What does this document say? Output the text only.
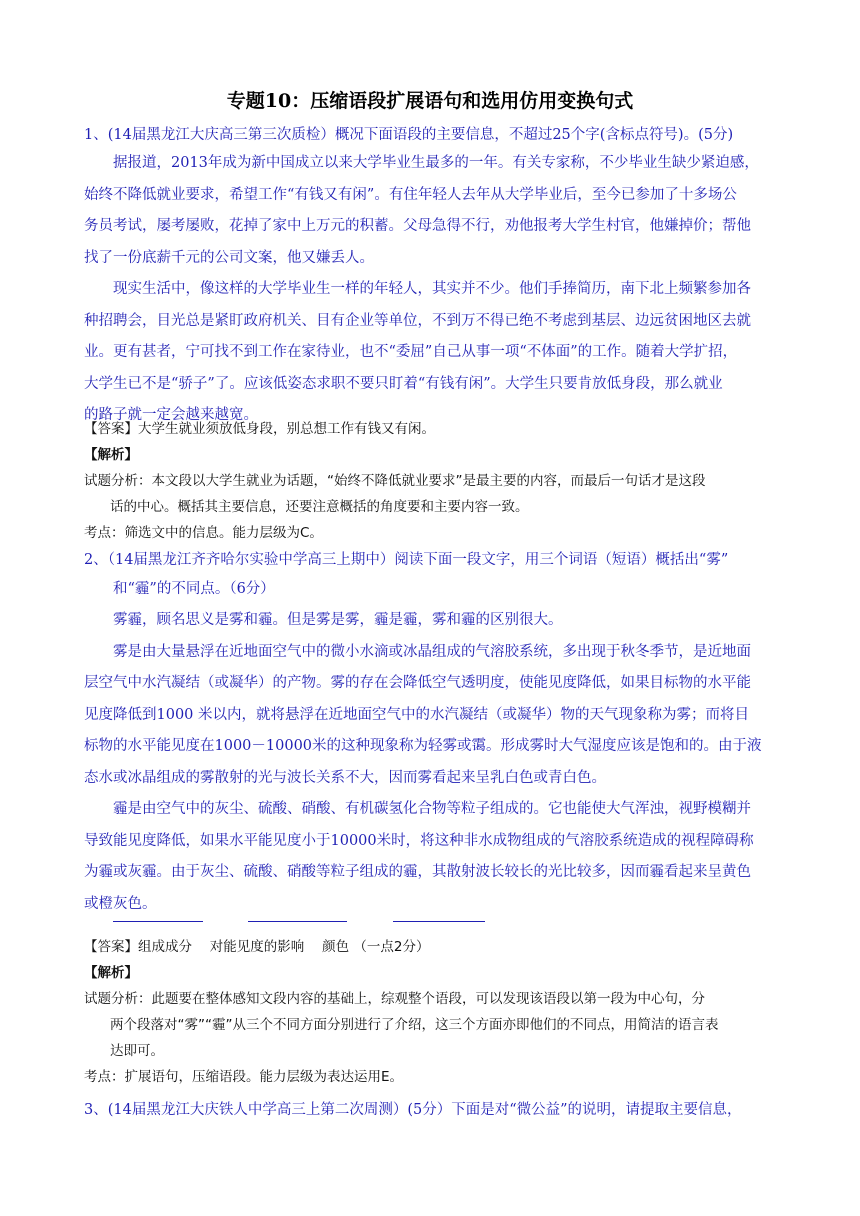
专题10：压缩语段扩展语句和选用仿用变换句式
1、(14届黑龙江大庆高三第三次质检）概况下面语段的主要信息，不超过25个字(含标点符号)。(5分)
据报道，2013年成为新中国成立以来大学毕业生最多的一年。有关专家称，不少毕业生缺少紧迫感，
始终不降低就业要求，希望工作“有钱又有闲”。有住年轻人去年从大学毕业后，至今已参加了十多场公
务员考试，屡考屡败，花掉了家中上万元的积蓄。父母急得不行，劝他报考大学生村官，他嫌掉价；帮他
找了一份底薪千元的公司文案，他又嫌丢人。
现实生活中，像这样的大学毕业生一样的年轻人，其实并不少。他们手捧简历，南下北上频繁参加各
种招聘会，目光总是紧盯政府机关、目有企业等单位，不到万不得已绝不考虑到基层、边远贫困地区去就
业。更有甚者，宁可找不到工作在家待业，也不“委屈”自己从事一项“不体面”的工作。随着大学扩招，
大学生已不是“骄子”了。应该低姿态求职不要只盯着“有钱有闲”。大学生只要肯放低身段，那么就业
的路子就一定会越来越宽。
【答案】大学生就业须放低身段，别总想工作有钱又有闲。
【解析】
试题分析：本文段以大学生就业为话题，“始终不降低就业要求”是最主要的内容，而最后一句话才是这段
话的中心。概括其主要信息，还要注意概括的角度要和主要内容一致。
考点：筛选文中的信息。能力层级为C。
2、（14届黑龙江齐齐哈尔实验中学高三上期中）阅读下面一段文字，用三个词语（短语）概括出“雾”
和“霾”的不同点。（6分）
雾霾，顾名思义是雾和霾。但是雾是雾，霾是霾，雾和霾的区别很大。
雾是由大量悬浮在近地面空气中的微小水滴或冰晶组成的气溶胶系统，多出现于秋冬季节，是近地面
层空气中水汽凝结（或凝华）的产物。雾的存在会降低空气透明度，使能见度降低，如果目标物的水平能
见度降低到1000 米以内，就将悬浮在近地面空气中的水汽凝结（或凝华）物的天气现象称为雾；而将目
标物的水平能见度在1000－10000米的这种现象称为轻雾或霭。形成雾时大气湿度应该是饱和的。由于液
态水或冰晶组成的雾散射的光与波长关系不大，因而雾看起来呈乳白色或青白色。
霾是由空气中的灰尘、硫酸、硝酸、有机碳氢化合物等粒子组成的。它也能使大气浑浊，视野模糊并
导致能见度降低，如果水平能见度小于10000米时，将这种非水成物组成的气溶胶系统造成的视程障碍称
为霾或灰霾。由于灰尘、硫酸、硝酸等粒子组成的霾，其散射波长较长的光比较多，因而霾看起来呈黄色
或橙灰色。
【答案】组成成分　 对能见度的影响　 颜色 （一点2分）
【解析】
试题分析：此题要在整体感知文段内容的基础上，综观整个语段，可以发现该语段以第一段为中心句，分
两个段落对“雾”“霾”从三个不同方面分别进行了介绍，这三个方面亦即他们的不同点，用简洁的语言表
达即可。
考点：扩展语句，压缩语段。能力层级为表达运用E。
3、(14届黑龙江大庆铁人中学高三上第二次周测）(5分）下面是对“微公益”的说明，请提取主要信息，
